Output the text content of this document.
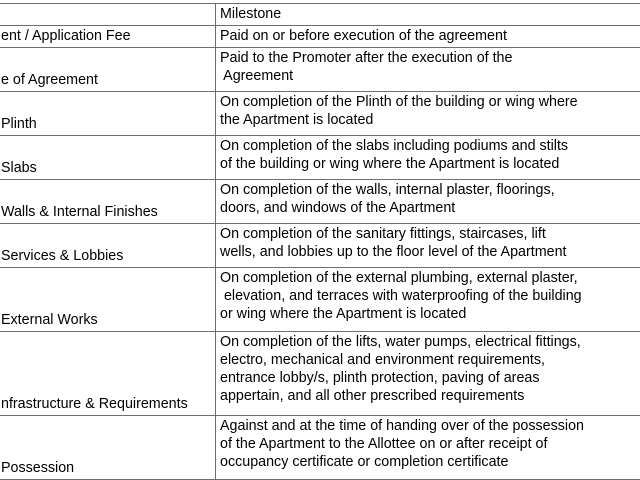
	Milestone
ent / Application Fee	Paid on or before execution of the agreement

e of Agreement	Paid to the Promoter after the execution of the
Agreement

Plinth	On completion of the Plinth of the building or wing where
the Apartment is located

Slabs	On completion of the slabs including podiums and stilts
of the building or wing where the Apartment is located

Walls & Internal Finishes	On completion of the walls, internal plaster, floorings,
doors, and windows of the Apartment

Services & Lobbies	On completion of the sanitary fittings, staircases, lift
wells, and lobbies up to the floor level of the Apartment

External Works	On completion of the external plumbing, external plaster,
elevation, and terraces with waterproofing of the building
or wing where the Apartment is located

nfrastructure & Requirements	On completion of the lifts, water pumps, electrical fittings,
electro, mechanical and environment requirements,
entrance lobby/s, plinth protection, paving of areas
appertain, and all other prescribed requirements

Possession	Against and at the time of handing over of the possession
of the Apartment to the Allottee on or after receipt of
occupancy certificate or completion certificate
